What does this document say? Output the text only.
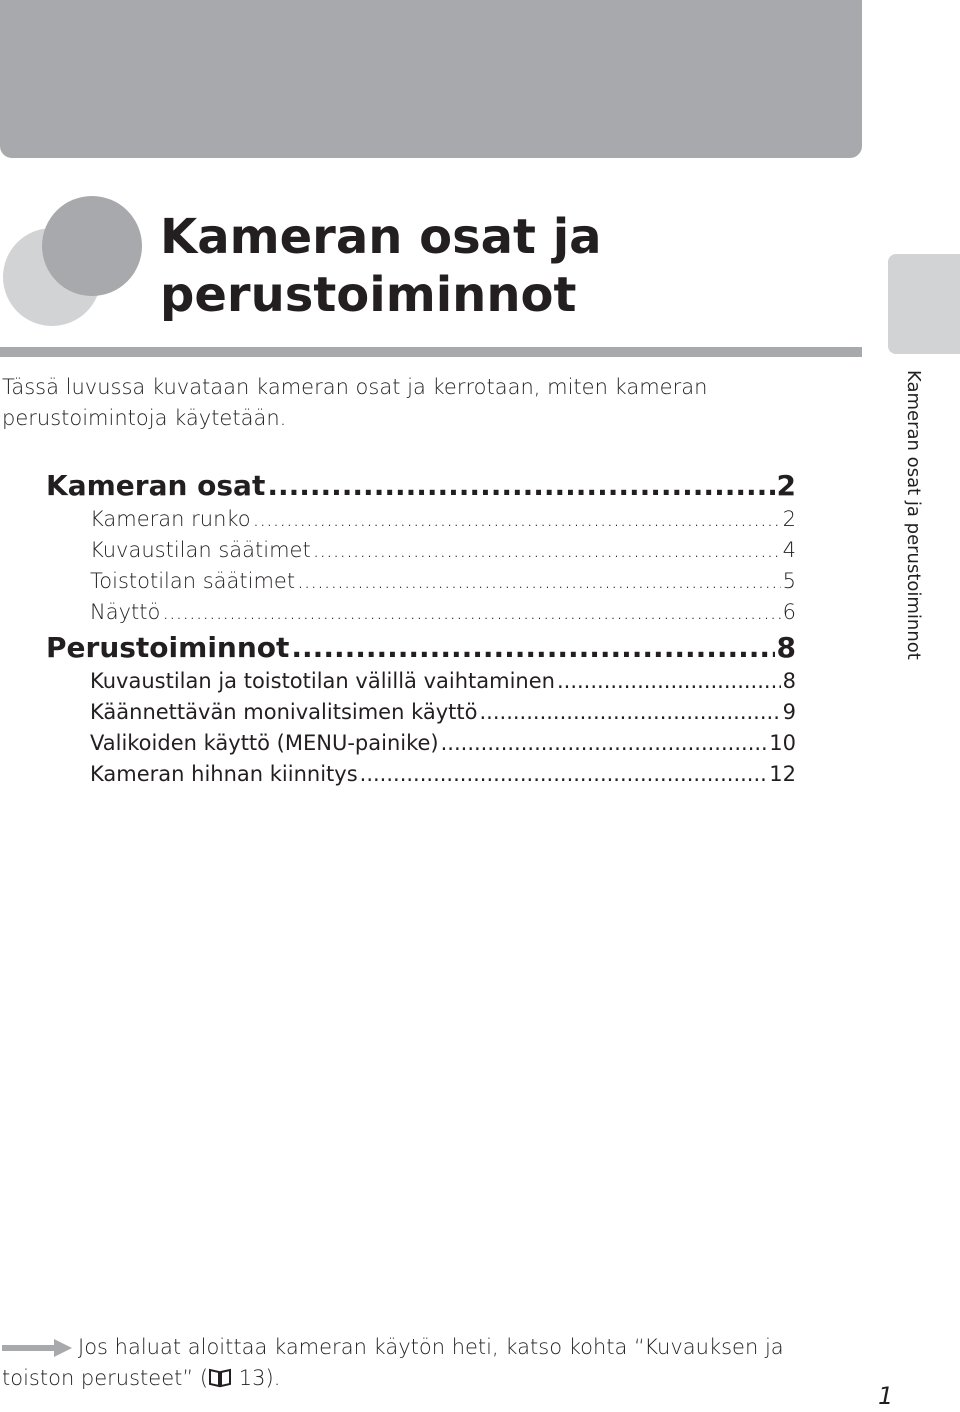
Kameran osat ja
perustoiminnot

Tässä luvussa kuvataan kameran osat ja kerrotaan, miten kameran perustoimintoja käytetään.

Kameran osat .....	2
Kameran runko .....	2
Kuvaustilan säätimet .....	4
Toistotilan säätimet .....	5
Näyttö .....	6
Perustoiminnot .....	8
Kuvaustilan ja toistotilan välillä vaihtaminen .....	8
Käännettävän monivalitsimen käyttö .....	9
Valikoiden käyttö (MENU-painike) .....	10
Kameran hihnan kiinnitys .....	12
Kameran osat ja perustoiminnot

Jos haluat aloittaa kameran käytön heti, katso kohta “Kuvauksen ja toiston perusteet” ( 13).

1
